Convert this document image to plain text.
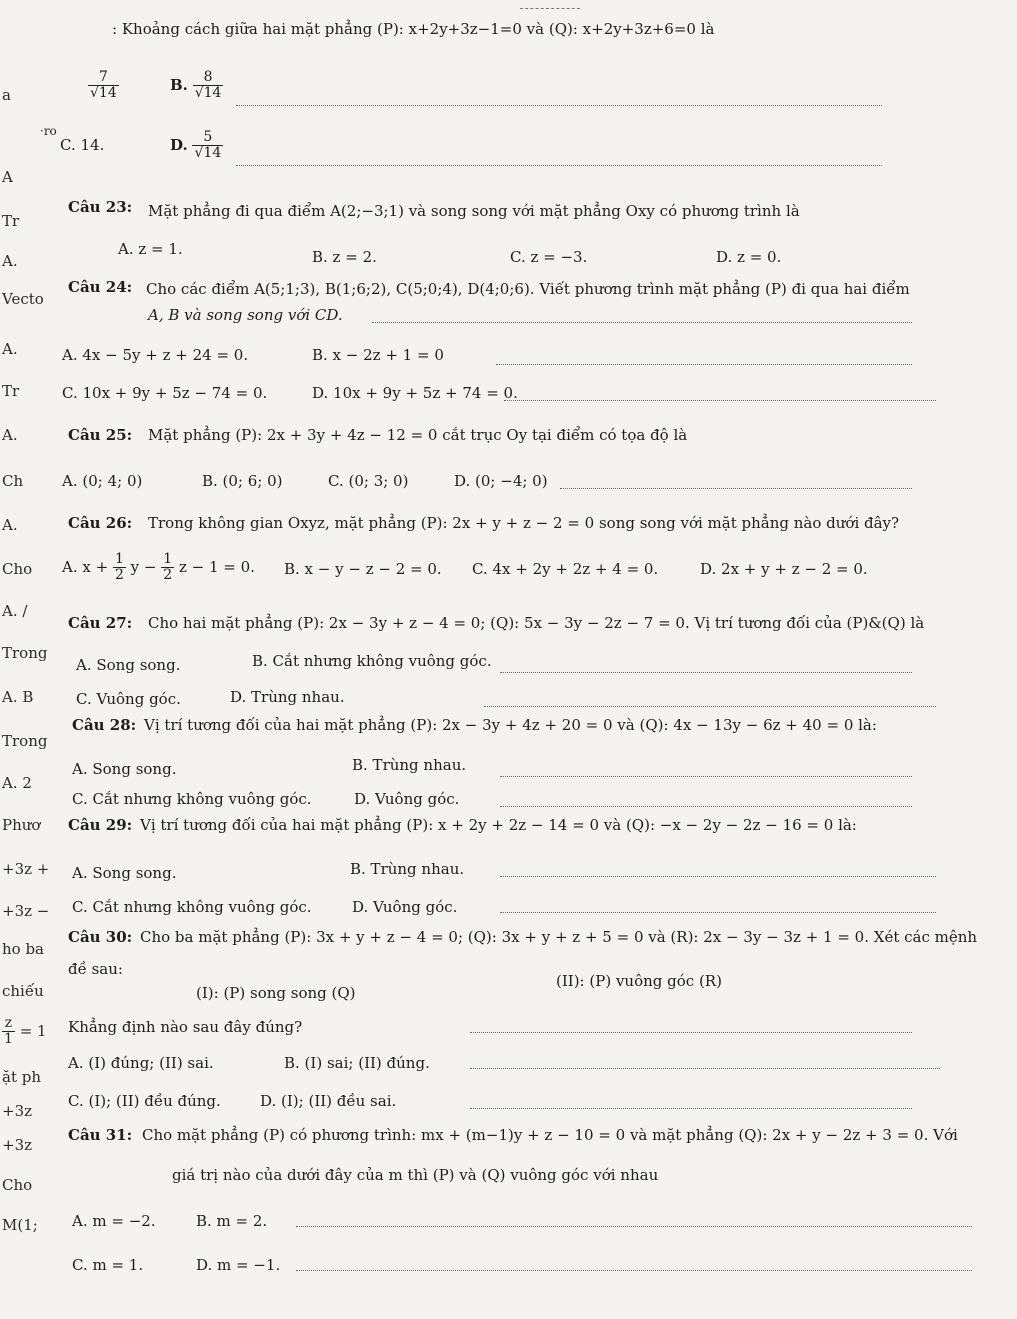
a
·ro
A
Tr
A.
Vecto
A.
Tr
A.
Ch
A.
Cho
A. /
Trong
A. B
Trong
A. 2
Phươ
+3z +
+3z −
ho ba
chiếu
$\frac{z}{1} = 1$
ặt ph
+3z
+3z
Cho
M(1;
: Khoảng cách giữa hai mặt phẳng (P): x+2y+3z−1=0 và (Q): x+2y+3z+6=0 là
$\frac{7}{√14}$	B. $\frac{8}{√14}$
C. 14.	D. $\frac{5}{√14}$
Câu 23: Mặt phẳng đi qua điểm A(2;−3;1) và song song với mặt phẳng Oxy có phương trình là
A. z = 1.	B. z = 2.	C. z = −3.	D. z = 0.
Câu 24: Cho các điểm A(5;1;3), B(1;6;2), C(5;0;4), D(4;0;6). Viết phương trình mặt phẳng (P) đi qua hai điểm
A, B và song song với CD.
A. 4x − 5y + z + 24 = 0.	B. x − 2z + 1 = 0
C. 10x + 9y + 5z − 74 = 0.	D. 10x + 9y + 5z + 74 = 0.
Câu 25: Mặt phẳng (P): 2x + 3y + 4z − 12 = 0 cắt trục Oy tại điểm có tọa độ là
A. (0; 4; 0)	B. (0; 6; 0)	C. (0; 3; 0)	D. (0; −4; 0)
Câu 26: Trong không gian Oxyz, mặt phẳng (P): 2x + y + z − 2 = 0 song song với mặt phẳng nào dưới đây?
A. $x + \frac{1}{2}$ $y - \frac{1}{2}$ z − 1 = 0. B. x − y − z − 2 = 0. C. 4x + 2y + 2z + 4 = 0.	D. 2x + y + z − 2 = 0.
Câu 27: Cho hai mặt phẳng (P): 2x − 3y + z − 4 = 0; (Q): 5x − 3y − 2z − 7 = 0. Vị trí tương đối của (P)&(Q) là
A. Song song.	B. Cắt nhưng không vuông góc.
C. Vuông góc.	D. Trùng nhau.
Câu 28: Vị trí tương đối của hai mặt phẳng (P): 2x − 3y + 4z + 20 = 0 và (Q): 4x − 13y − 6z + 40 = 0 là:
A. Song song.	B. Trùng nhau.
C. Cắt nhưng không vuông góc.	D. Vuông góc.
Câu 29: Vị trí tương đối của hai mặt phẳng (P): x + 2y + 2z − 14 = 0 và (Q): −x − 2y − 2z − 16 = 0 là:
A. Song song.	B. Trùng nhau.
C. Cắt nhưng không vuông góc.	D. Vuông góc.
Câu 30: Cho ba mặt phẳng (P): 3x + y + z − 4 = 0; (Q): 3x + y + z + 5 = 0 và (R): 2x − 3y − 3z + 1 = 0. Xét các mệnh
đề sau:
(I): (P) song song (Q)
(II): (P) vuông góc (R)
Khẳng định nào sau đây đúng?
A. (I) đúng; (II) sai.	B. (I) sai; (II) đúng.
C. (I); (II) đều đúng.	D. (I); (II) đều sai.
Câu 31: Cho mặt phẳng (P) có phương trình: mx + (m−1)y + z − 10 = 0 và mặt phẳng (Q): 2x + y − 2z + 3 = 0. Với
giá trị nào của dưới đây của m thì (P) và (Q) vuông góc với nhau
A. m = −2.	B. m = 2.
C. m = 1.	D. m = −1.
